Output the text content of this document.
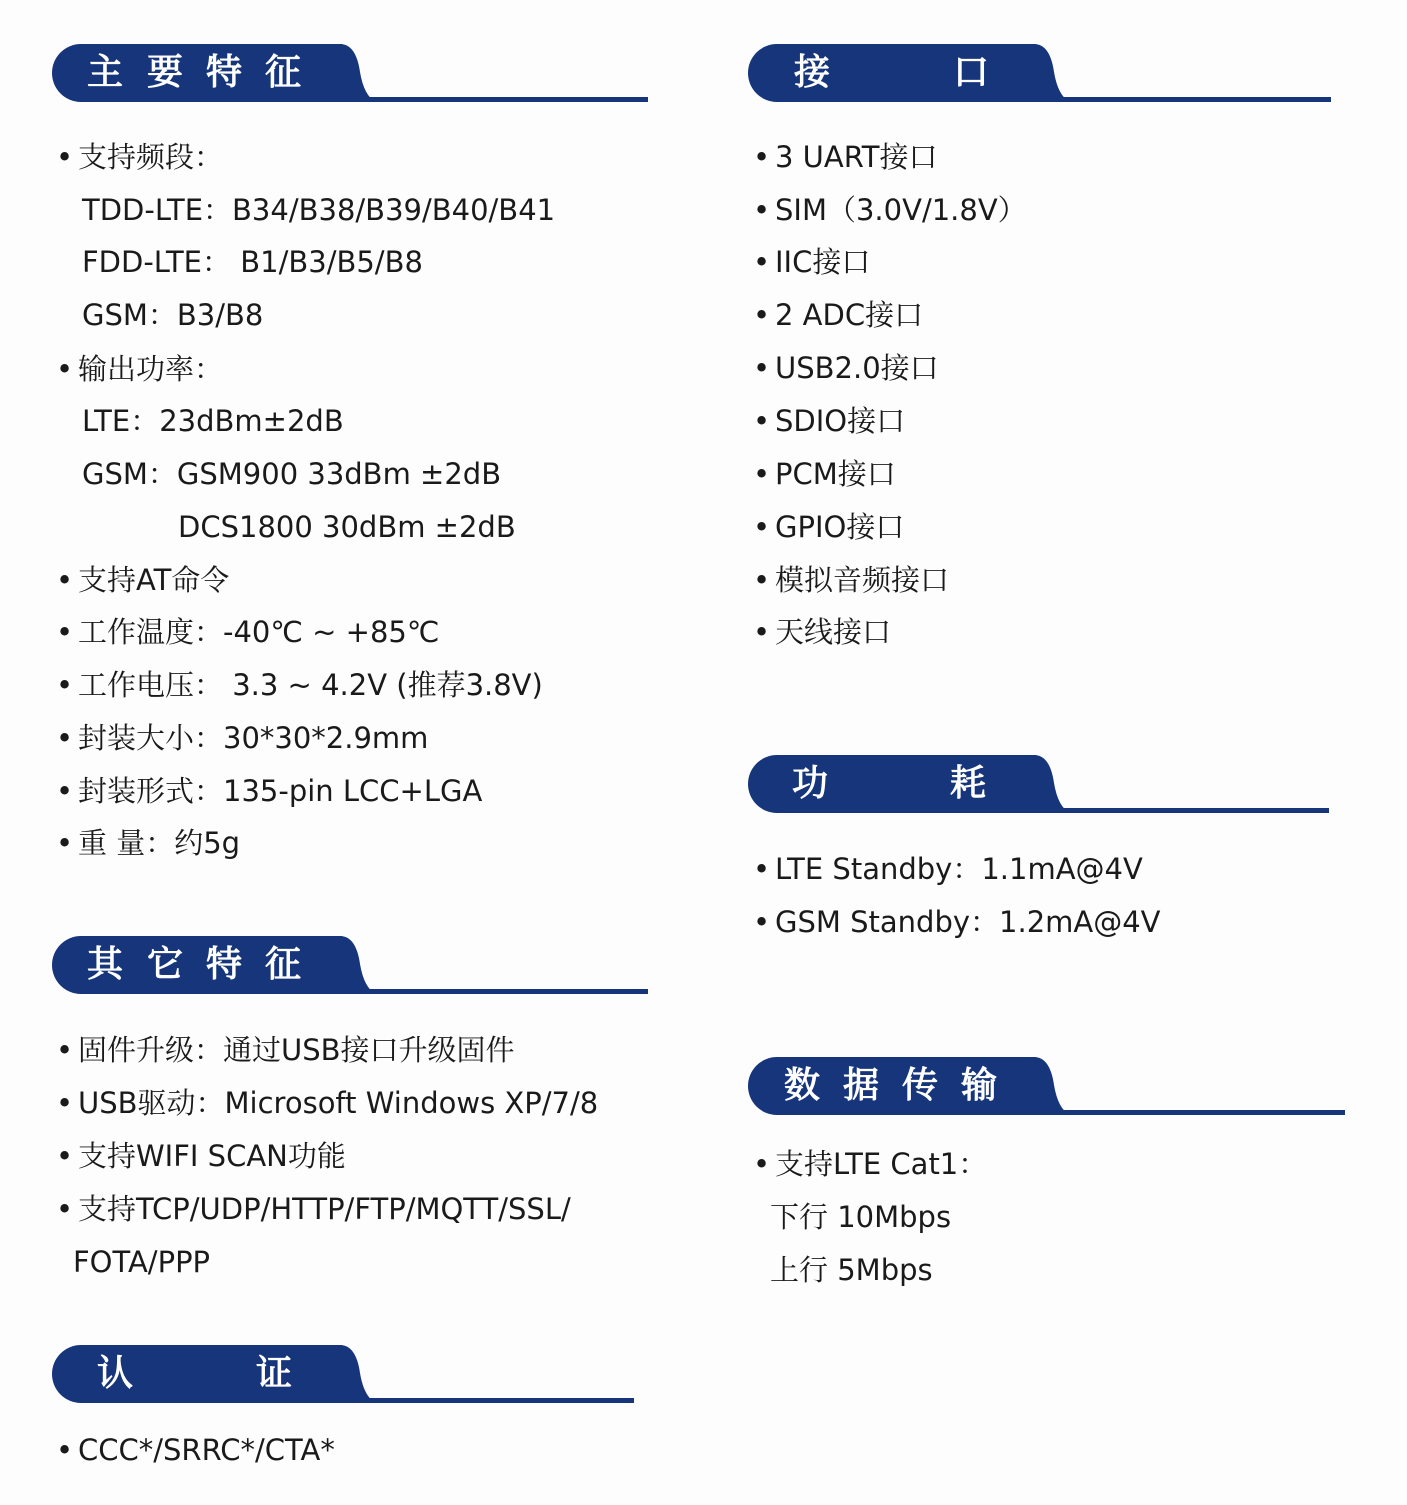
主 要 特 征
• 支持频段：
TDD-LTE：B34/B38/B39/B40/B41
FDD-LTE： B1/B3/B5/B8
GSM：B3/B8
• 输出功率：
LTE：23dBm±2dB
GSM：GSM900 33dBm ±2dB
DCS1800 30dBm ±2dB
• 支持AT命令
• 工作温度：-40℃ ~ +85℃
• 工作电压： 3.3 ~ 4.2V (推荐3.8V)
• 封装大小：30*30*2.9mm
• 封装形式：135-pin LCC+LGA
• 重 量：约5g
其 它 特 征
• 固件升级：通过USB接口升级固件
• USB驱动：Microsoft Windows XP/7/8
• 支持WIFI SCAN功能
• 支持TCP/UDP/HTTP/FTP/MQTT/SSL/
FOTA/PPP
认	证
• CCC*/SRRC*/CTA*
接	口
• 3 UART接口
• SIM（3.0V/1.8V）
• IIC接口
• 2 ADC接口
• USB2.0接口
• SDIO接口
• PCM接口
• GPIO接口
• 模拟音频接口
• 天线接口
功	耗
• LTE Standby：1.1mA@4V
• GSM Standby：1.2mA@4V
数 据 传 输
• 支持LTE Cat1：
下行 10Mbps
上行 5Mbps
